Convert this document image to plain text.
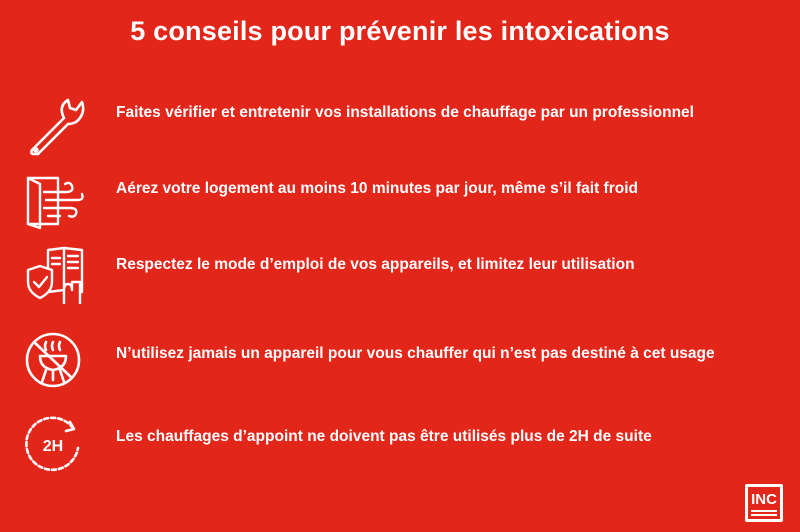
5 conseils pour prévenir les intoxications
Faites vérifier et entretenir vos installations de chauffage par un professionnel
Aérez votre logement au moins 10 minutes par jour, même s’il fait froid
Respectez le mode d’emploi de vos appareils, et limitez leur utilisation
N’utilisez jamais un appareil pour vous chauffer qui n’est pas destiné à cet usage
2H
Les chauffages d’appoint ne doivent pas être utilisés plus de 2H de suite
INC
